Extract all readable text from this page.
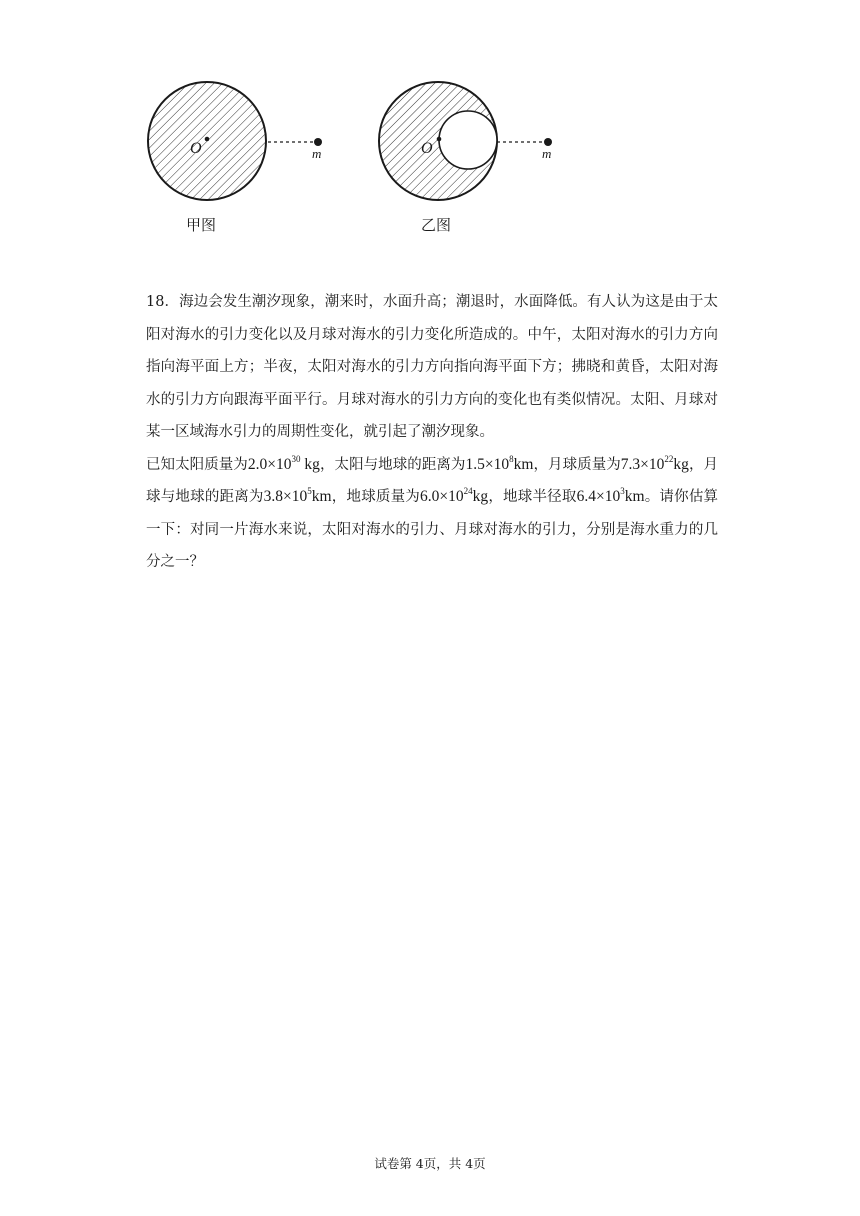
O	m	O	m
甲图	乙图

18．海边会发生潮汐现象，潮来时，水面升高；潮退时，水面降低。有人认为这是由于太阳对海水的引力变化以及月球对海水的引力变化所造成的。中午，太阳对海水的引力方向指向海平面上方；半夜，太阳对海水的引力方向指向海平面下方；拂晓和黄昏，太阳对海水的引力方向跟海平面平行。月球对海水的引力方向的变化也有类似情况。太阳、月球对某一区域海水引力的周期性变化，就引起了潮汐现象。

已知太阳质量为$2.0\times 10^{30}$ kg，太阳与地球的距离为$1.5\times 10^8km$，月球质量为$7.3\times 10^{22}kg$，月球与地球的距离为$3.8\times 10^5km$，地球质量为$6.0\times 10^{24}kg$，地球半径取$6.4\times 10^3km$。请你估算一下：对同一片海水来说，太阳对海水的引力、月球对海水的引力，分别是海水重力的几分之一？

试卷第 4页，共 4页
